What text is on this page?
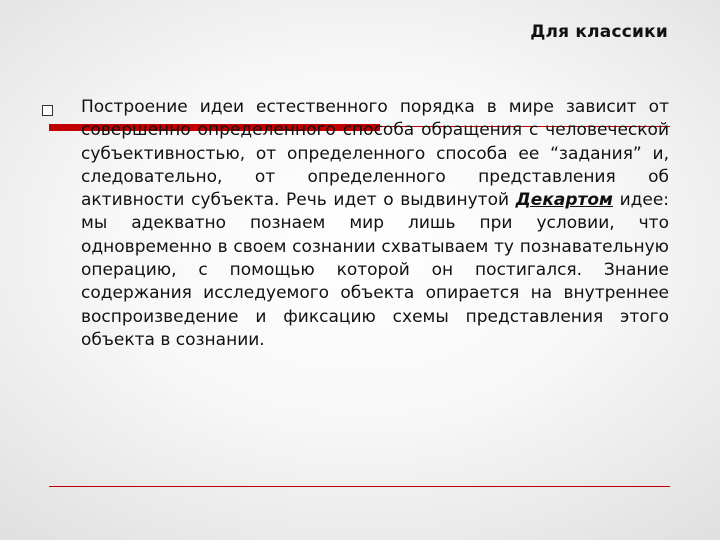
Для классики

Построение идеи естественного порядка в мире зависит от совершенно определенного способа обращения с человеческой субъективностью, от определенного способа ее “задания” и, следовательно, от определенного представления об активности субъекта. Речь идет о выдвинутой Декартом идее: мы адекватно познаем мир лишь при условии, что одновременно в своем сознании схватываем ту познавательную операцию, с помощью которой он постигался. Знание содержания исследуемого объекта опирается на внутреннее воспроизведение и фиксацию схемы представления этого объекта в сознании.
